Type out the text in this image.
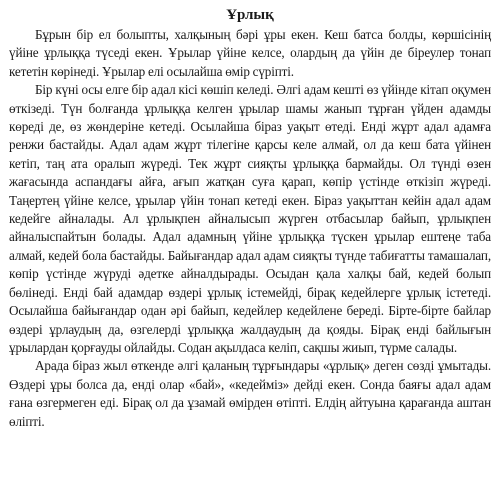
Ұрлық

Бұрын бір ел болыпты, халқының бәрі ұры екен. Кеш батса болды, көршісінің үйіне ұрлыққа түседі екен. Ұрылар үйіне келсе, олардың да үйін де біреулер тонап кететін көрінеді. Ұрылар елі осылайша өмір сүріпті.

Бір күні осы елге бір адал кісі көшіп келеді. Әлгі адам кешті өз үйінде кітап оқумен өткізеді. Түн болғанда ұрлыққа келген ұрылар шамы жанып тұрған үйден адамды көреді де, өз жөндеріне кетеді. Осылайша біраз уақыт өтеді. Енді жұрт адал адамға ренжи бастайды. Адал адам жұрт тілегіне қарсы келе алмай, ол да кеш бата үйінен кетіп, таң ата оралып жүреді. Тек жұрт сияқты ұрлыққа бармайды. Ол түнді өзен жағасында аспандағы айға, ағып жатқан суға қарап, көпір үстінде өткізіп жүреді. Таңертең үйіне келсе, ұрылар үйін тонап кетеді екен. Біраз уақыттан кейін адал адам кедейге айналады. Ал ұрлықпен айналысып жүрген отбасылар байып, ұрлықпен айналыспайтын болады. Адал адамның үйіне ұрлыққа түскен ұрылар ештеңе таба алмай, кедей бола бастайды. Байығандар адал адам сияқты түнде табиғатты тамашалап, көпір үстінде жүруді әдетке айналдырады. Осыдан қала халқы бай, кедей болып бөлінеді. Енді бай адамдар өздері ұрлық істемейді, бірақ кедейлерге ұрлық істетеді. Осылайша байығандар одан әрі байып, кедейлер кедейлене береді. Бірте-бірте байлар өздері ұрлаудың да, өзгелерді ұрлыққа жалдаудың да қояды. Бірақ енді байлығын ұрылардан қорғауды ойлайды. Содан ақылдаса келіп, сақшы жиып, түрме салады.

Арада біраз жыл өткенде әлгі қаланың тұрғындары «ұрлық» деген сөзді ұмытады. Өздері ұры болса да, енді олар «бай», «кедейміз» дейді екен. Сонда баяғы адал адам ғана өзгермеген еді. Бірақ ол да ұзамай өмірден өтіпті. Елдің айтуына қарағанда аштан өліпті.
